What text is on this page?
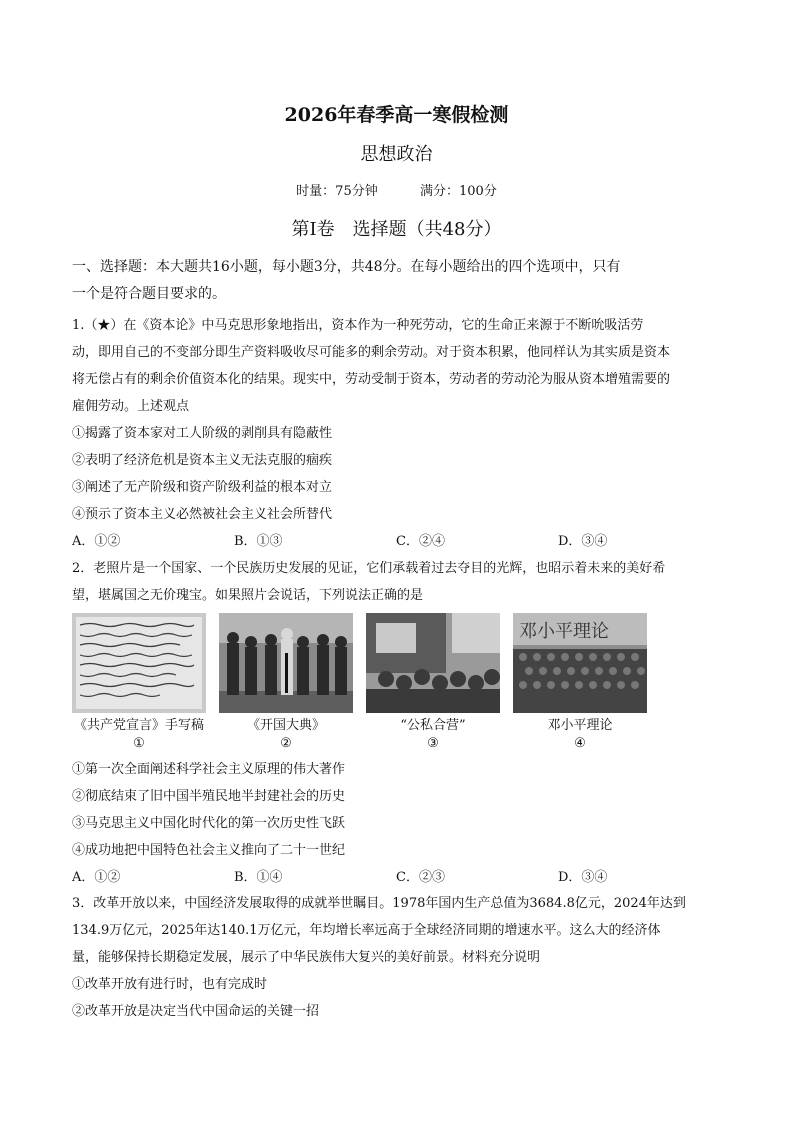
2026年春季高一寒假检测
思想政治
时量：75分钟	满分：100分
第Ⅰ卷　选择题（共48分）
一、选择题：本大题共16小题，每小题3分，共48分。在每小题给出的四个选项中，只有
一个是符合题目要求的。
1.（★）在《资本论》中马克思形象地指出，资本作为一种死劳动，它的生命正来源于不断吮吸活劳
动，即用自己的不变部分即生产资料吸收尽可能多的剩余劳动。对于资本积累，他同样认为其实质是资本
将无偿占有的剩余价值资本化的结果。现实中，劳动受制于资本，劳动者的劳动沦为服从资本增殖需要的
雇佣劳动。上述观点
①揭露了资本家对工人阶级的剥削具有隐蔽性
②表明了经济危机是资本主义无法克服的痼疾
③阐述了无产阶级和资产阶级利益的根本对立
④预示了资本主义必然被社会主义社会所替代
A．①②	B．①③	C．②④	D．③④
2．老照片是一个国家、一个民族历史发展的见证，它们承载着过去夺目的光辉，也昭示着未来的美好希
望，堪属国之无价瑰宝。如果照片会说话，下列说法正确的是
邓小平理论
《共产党宣言》手写稿
①
《开国大典》
②
“公私合营”
③
邓小平理论
④
①第一次全面阐述科学社会主义原理的伟大著作
②彻底结束了旧中国半殖民地半封建社会的历史
③马克思主义中国化时代化的第一次历史性飞跃
④成功地把中国特色社会主义推向了二十一世纪
A．①②	B．①④	C．②③	D．③④
3．改革开放以来，中国经济发展取得的成就举世瞩目。1978年国内生产总值为3684.8亿元，2024年达到
134.9万亿元，2025年达140.1万亿元，年均增长率远高于全球经济同期的增速水平。这么大的经济体
量，能够保持长期稳定发展，展示了中华民族伟大复兴的美好前景。材料充分说明
①改革开放有进行时，也有完成时
②改革开放是决定当代中国命运的关键一招
